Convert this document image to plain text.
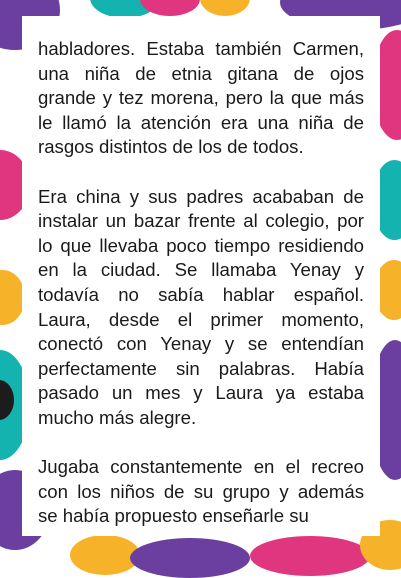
habladores. Estaba también Carmen,
una niña de etnia gitana de ojos
grande y tez morena, pero la que más
le llamó la atención era una niña de
rasgos distintos de los de todos.

Era china y sus padres acababan de
instalar un bazar frente al colegio, por
lo que llevaba poco tiempo residiendo
en la ciudad. Se llamaba Yenay y
todavía no sabía hablar español.
Laura, desde el primer momento,
conectó con Yenay y se entendían
perfectamente sin palabras. Había
pasado un mes y Laura ya estaba
mucho más alegre.

Jugaba constantemente en el recreo
con los niños de su grupo y además
se había propuesto enseñarle su
